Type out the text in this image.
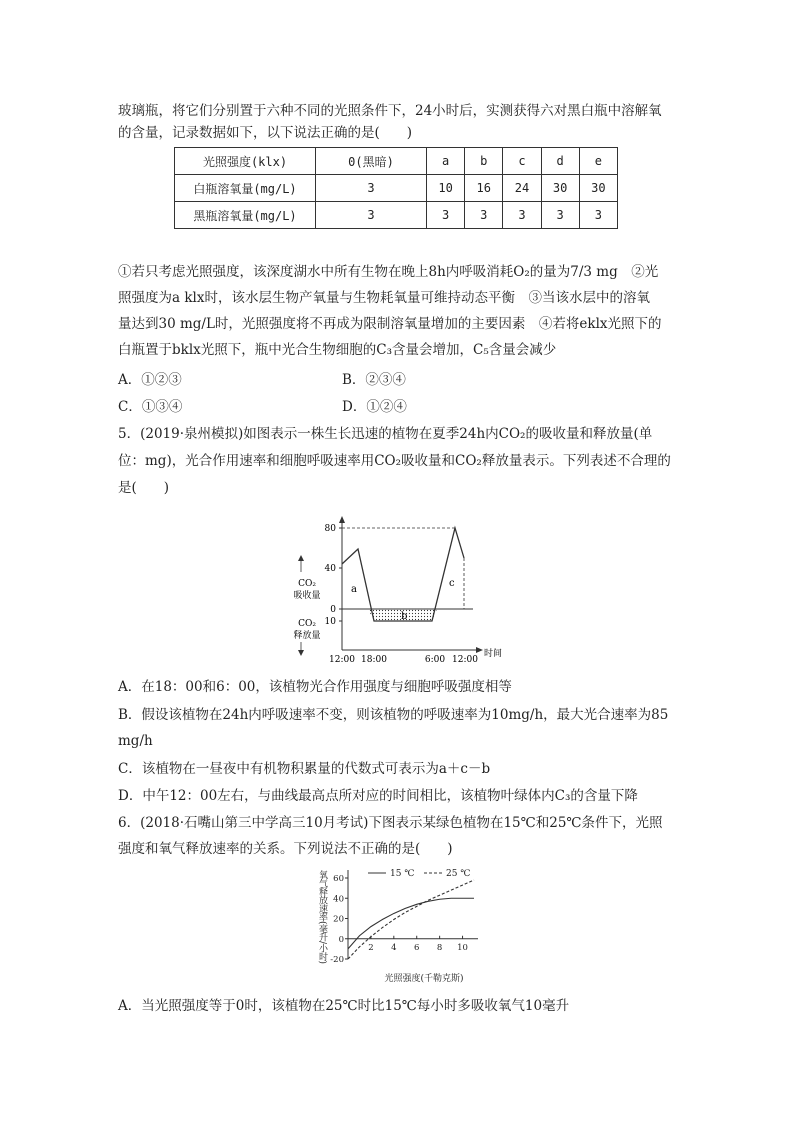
玻璃瓶，将它们分别置于六种不同的光照条件下，24小时后，实测获得六对黑白瓶中溶解氧
的含量，记录数据如下，以下说法正确的是(　　)
光照强度(klx)	0(黑暗)	a	b	c	d	e
白瓶溶氧量(mg/L)	3	10	16	24	30	30
黑瓶溶氧量(mg/L)	3	3	3	3	3	3
①若只考虑光照强度，该深度湖水中所有生物在晚上8h内呼吸消耗O₂的量为7/3 mg　②光
照强度为a klx时，该水层生物产氧量与生物耗氧量可维持动态平衡　③当该水层中的溶氧
量达到30 mg/L时，光照强度将不再成为限制溶氧量增加的主要因素　④若将eklx光照下的
白瓶置于bklx光照下，瓶中光合生物细胞的C₃含量会增加，C₅含量会减少
A．①②③	B．②③④
C．①③④	D．①②④
5．(2019·泉州模拟)如图表示一株生长迅速的植物在夏季24h内CO₂的吸收量和释放量(单
位：mg)，光合作用速率和细胞呼吸速率用CO₂吸收量和CO₂释放量表示。下列表述不合理的
是(　　)
80
40
0
10
CO₂
吸收量
CO₂
释放量
12:00 18:00	6:00 12:00
时间
a
b
c
A．在18：00和6：00，该植物光合作用强度与细胞呼吸强度相等
B．假设该植物在24h内呼吸速率不变，则该植物的呼吸速率为10mg/h，最大光合速率为85
mg/h
C．该植物在一昼夜中有机物积累量的代数式可表示为a＋c－b
D．中午12：00左右，与曲线最高点所对应的时间相比，该植物叶绿体内C₃的含量下降
6．(2018·石嘴山第三中学高三10月考试)下图表示某绿色植物在15℃和25℃条件下，光照
强度和氧气释放速率的关系。下列说法不正确的是(　　)
-20
0
20
40
60
2 4 6 8 10
光照强度(千勒克斯)
氧气释放速率(毫升/小时)	15 ℃	25 ℃
A．当光照强度等于0时，该植物在25℃时比15℃每小时多吸收氧气10毫升
